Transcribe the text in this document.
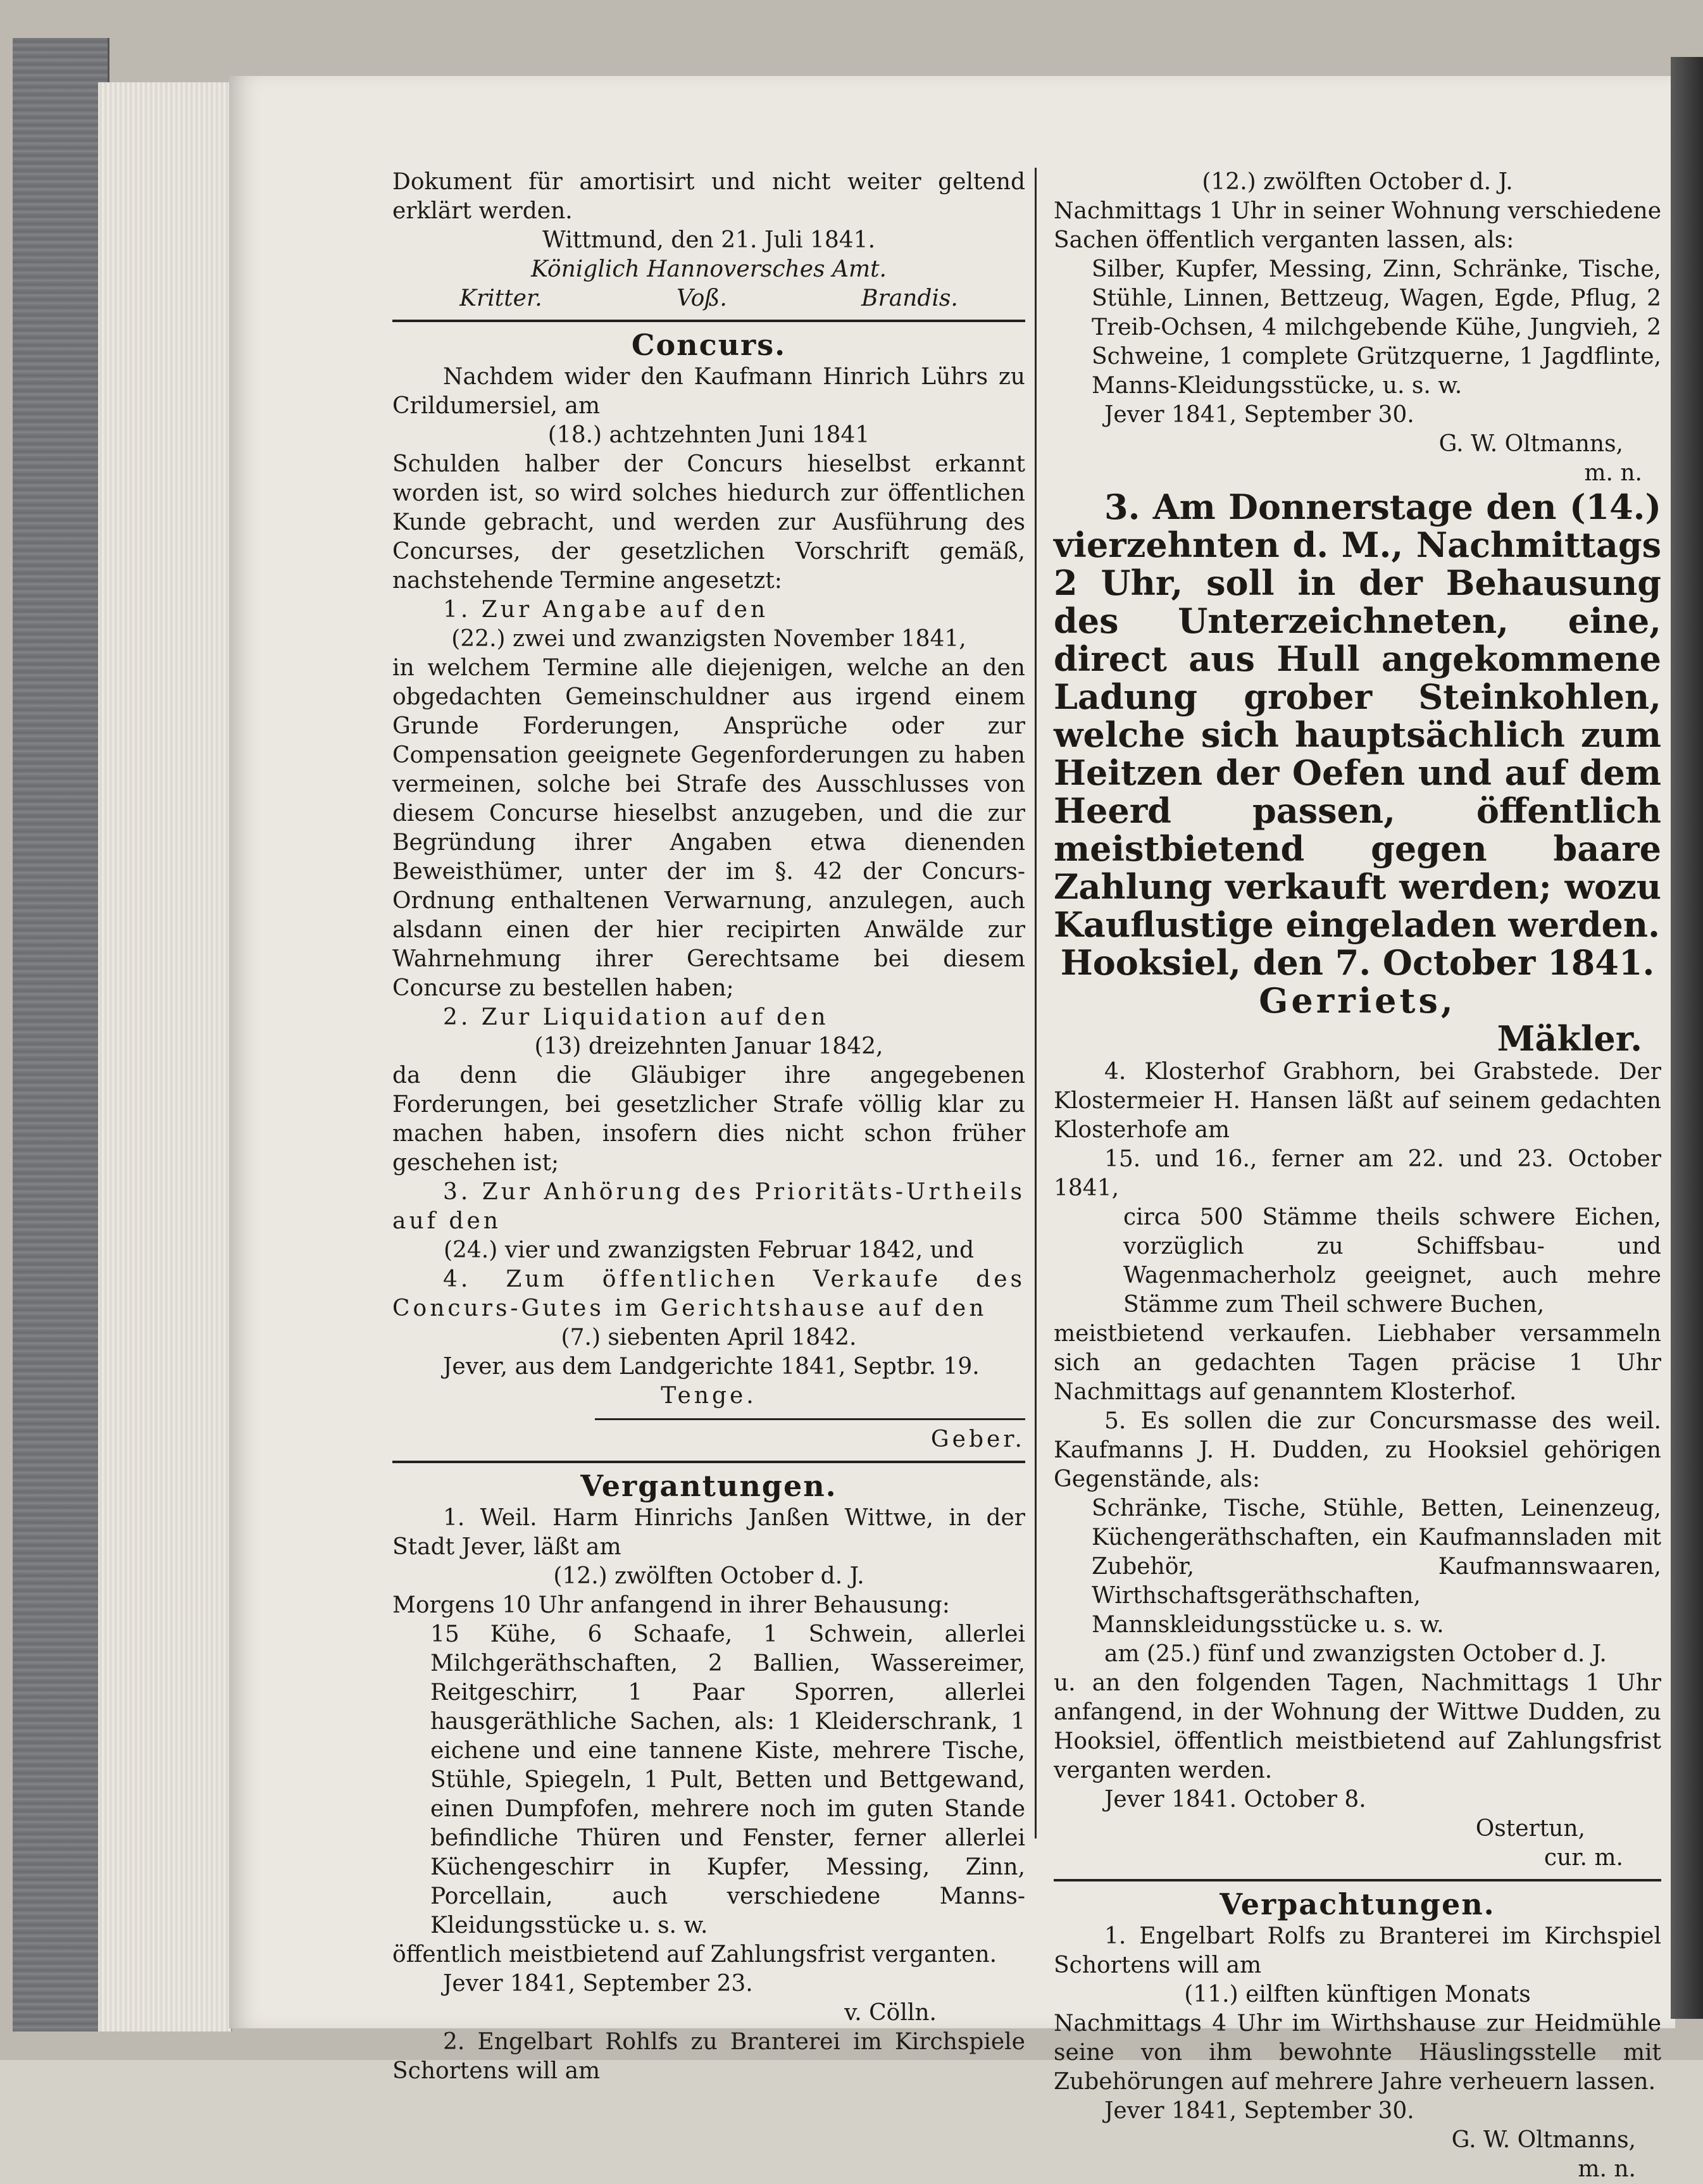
Dokument für amortisirt und nicht weiter geltend erklärt werden.

Wittmund, den 21. Juli 1841.

Königlich Hannoversches Amt.

Kritter.	Voß.	Brandis.
Concurs.

Nachdem wider den Kaufmann Hinrich Lührs zu Crildumersiel, am

(18.) achtzehnten Juni 1841

Schulden halber der Concurs hieselbst erkannt worden ist, so wird solches hiedurch zur öffentlichen Kunde gebracht, und werden zur Ausführung des Concurses, der gesetzlichen Vorschrift gemäß, nachstehende Termine angesetzt:

1. Zur Angabe auf den

(22.) zwei und zwanzigsten November 1841,

in welchem Termine alle diejenigen, welche an den obgedachten Gemeinschuldner aus irgend einem Grunde Forderungen, Ansprüche oder zur Compensation geeignete Gegenforderungen zu haben vermeinen, solche bei Strafe des Ausschlusses von diesem Concurse hieselbst anzugeben, und die zur Begründung ihrer Angaben etwa dienenden Beweisthümer, unter der im §. 42 der Concurs-Ordnung enthaltenen Verwarnung, anzulegen, auch alsdann einen der hier recipirten Anwälde zur Wahrnehmung ihrer Gerechtsame bei diesem Concurse zu bestellen haben;

2. Zur Liquidation auf den

(13) dreizehnten Januar 1842,

da denn die Gläubiger ihre angegebenen Forderungen, bei gesetzlicher Strafe völlig klar zu machen haben, insofern dies nicht schon früher geschehen ist;

3. Zur Anhörung des Prioritäts-Urtheils auf den

(24.) vier und zwanzigsten Februar 1842, und

4. Zum öffentlichen Verkaufe des Concurs-Gutes im Gerichtshause auf den

(7.) siebenten April 1842.

Jever, aus dem Landgerichte 1841, Septbr. 19.

Tenge.

Geber.

Vergantungen.

1. Weil. Harm Hinrichs Janßen Wittwe, in der Stadt Jever, läßt am

(12.) zwölften October d. J.

Morgens 10 Uhr anfangend in ihrer Behausung:

15 Kühe, 6 Schaafe, 1 Schwein, allerlei Milchgeräthschaften, 2 Ballien, Wassereimer, Reitgeschirr, 1 Paar Sporren, allerlei hausgeräthliche Sachen, als: 1 Kleiderschrank, 1 eichene und eine tannene Kiste, mehrere Tische, Stühle, Spiegeln, 1 Pult, Betten und Bettgewand, einen Dumpfofen, mehrere noch im guten Stande befindliche Thüren und Fenster, ferner allerlei Küchengeschirr in Kupfer, Messing, Zinn, Porcellain, auch verschiedene Manns-Kleidungsstücke u. s. w.

öffentlich meistbietend auf Zahlungsfrist verganten.

Jever 1841, September 23.

v. Cölln.

2. Engelbart Rohlfs zu Branterei im Kirchspiele Schortens will am

(12.) zwölften October d. J.

Nachmittags 1 Uhr in seiner Wohnung verschiedene Sachen öffentlich verganten lassen, als:

Silber, Kupfer, Messing, Zinn, Schränke, Tische, Stühle, Linnen, Bettzeug, Wagen, Egde, Pflug, 2 Treib-Ochsen, 4 milchgebende Kühe, Jungvieh, 2 Schweine, 1 complete Grützquerne, 1 Jagdflinte, Manns-Kleidungsstücke, u. s. w.

Jever 1841, September 30.

G. W. Oltmanns,

m. n.

3. Am Donnerstage den (14.) vierzehnten d. M., Nachmittags 2 Uhr, soll in der Behausung des Unterzeichneten, eine, direct aus Hull angekommene Ladung grober Steinkohlen, welche sich hauptsächlich zum Heitzen der Oefen und auf dem Heerd passen, öffentlich meistbietend gegen baare Zahlung verkauft werden; wozu Kauflustige eingeladen werden.

Hooksiel, den 7. October 1841.

Gerriets,

Mäkler.

4. Klosterhof Grabhorn, bei Grabstede. Der Klostermeier H. Hansen läßt auf seinem gedachten Klosterhofe am

15. und 16., ferner am 22. und 23. October 1841,

circa 500 Stämme theils schwere Eichen, vorzüglich zu Schiffsbau- und Wagenmacherholz geeignet, auch mehre Stämme zum Theil schwere Buchen,

meistbietend verkaufen. Liebhaber versammeln sich an gedachten Tagen präcise 1 Uhr Nachmittags auf genanntem Klosterhof.

5. Es sollen die zur Concursmasse des weil. Kaufmanns J. H. Dudden, zu Hooksiel gehörigen Gegenstände, als:

Schränke, Tische, Stühle, Betten, Leinenzeug, Küchengeräthschaften, ein Kaufmannsladen mit Zubehör, Kaufmannswaaren, Wirthschaftsgeräthschaften, Mannskleidungsstücke u. s. w.

am (25.) fünf und zwanzigsten October d. J.

u. an den folgenden Tagen, Nachmittags 1 Uhr anfangend, in der Wohnung der Wittwe Dudden, zu Hooksiel, öffentlich meistbietend auf Zahlungsfrist verganten werden.

Jever 1841. October 8.

Ostertun,

cur. m.

Verpachtungen.

1. Engelbart Rolfs zu Branterei im Kirchspiel Schortens will am

(11.) eilften künftigen Monats

Nachmittags 4 Uhr im Wirthshause zur Heidmühle seine von ihm bewohnte Häuslingsstelle mit Zubehörungen auf mehrere Jahre verheuern lassen.

Jever 1841, September 30.

G. W. Oltmanns,

m. n.
